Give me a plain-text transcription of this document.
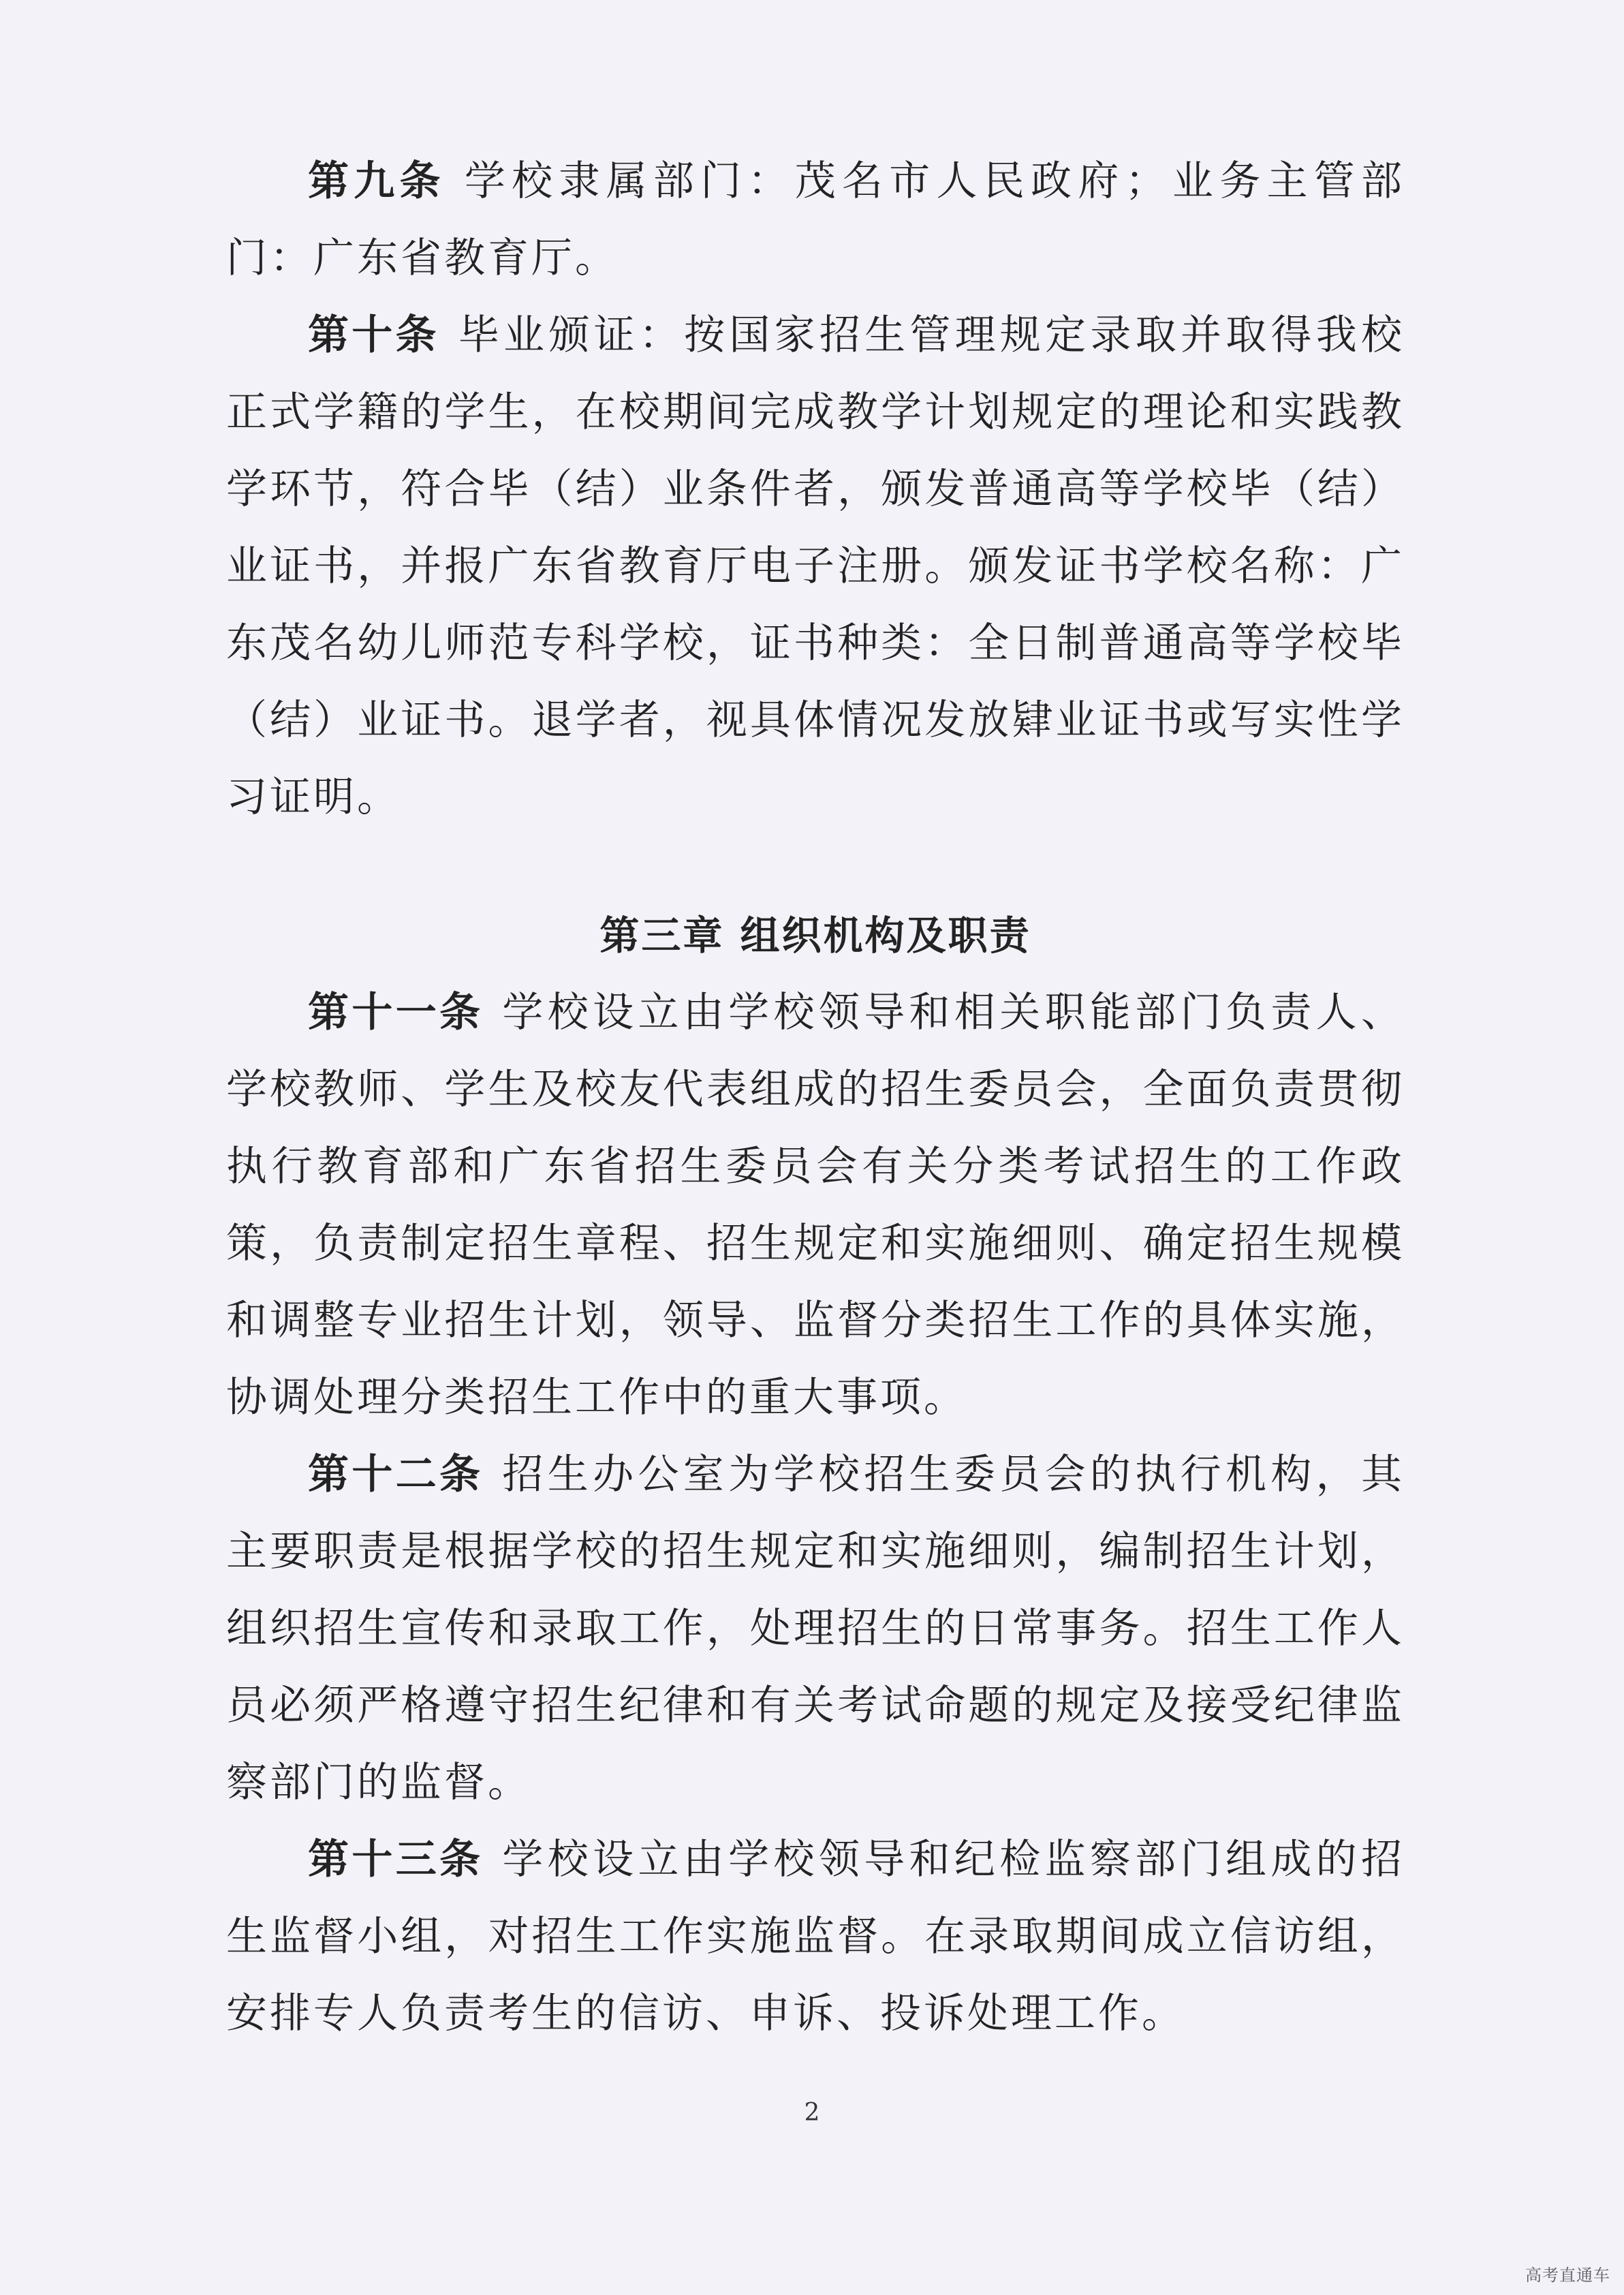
第九条 学校隶属部门：茂名市人民政府；业务主管部门：广东省教育厅。

第十条 毕业颁证：按国家招生管理规定录取并取得我校正式学籍的学生，在校期间完成教学计划规定的理论和实践教学环节，符合毕（结）业条件者，颁发普通高等学校毕（结）业证书，并报广东省教育厅电子注册。颁发证书学校名称：广东茂名幼儿师范专科学校，证书种类：全日制普通高等学校毕（结）业证书。退学者，视具体情况发放肄业证书或写实性学习证明。

第三章 组织机构及职责

第十一条 学校设立由学校领导和相关职能部门负责人、学校教师、学生及校友代表组成的招生委员会，全面负责贯彻执行教育部和广东省招生委员会有关分类考试招生的工作政策，负责制定招生章程、招生规定和实施细则、确定招生规模和调整专业招生计划，领导、监督分类招生工作的具体实施，协调处理分类招生工作中的重大事项。

第十二条 招生办公室为学校招生委员会的执行机构，其主要职责是根据学校的招生规定和实施细则，编制招生计划，组织招生宣传和录取工作，处理招生的日常事务。招生工作人员必须严格遵守招生纪律和有关考试命题的规定及接受纪律监察部门的监督。

第十三条 学校设立由学校领导和纪检监察部门组成的招生监督小组，对招生工作实施监督。在录取期间成立信访组，安排专人负责考生的信访、申诉、投诉处理工作。

2
高考直通车
